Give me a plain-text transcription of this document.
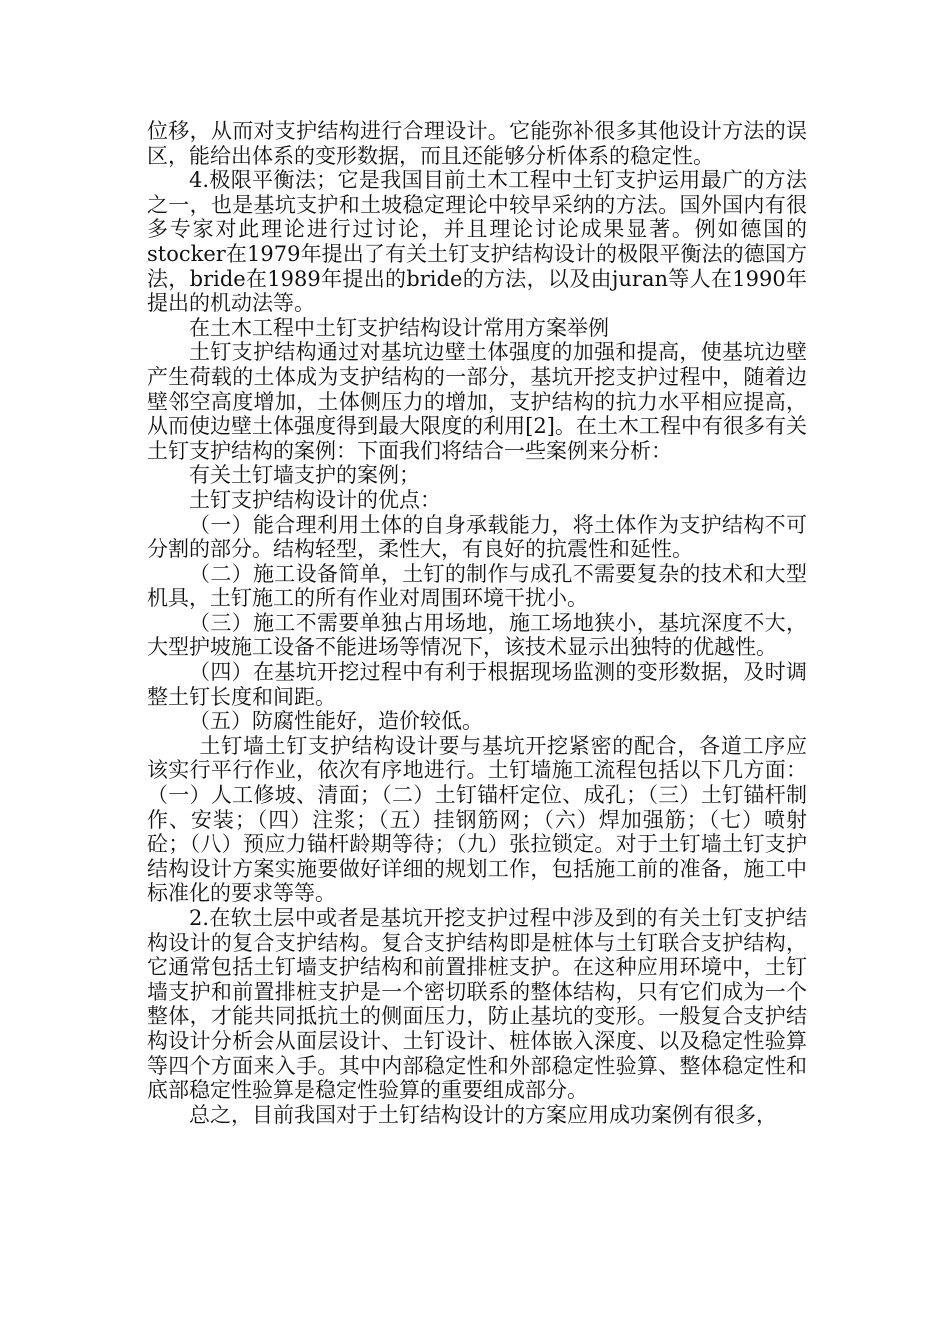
位移，从而对支护结构进行合理设计。它能弥补很多其他设计方法的误区，能给出体系的变形数据，而且还能够分析体系的稳定性。

4.极限平衡法；它是我国目前土木工程中土钉支护运用最广的方法之一，也是基坑支护和土坡稳定理论中较早采纳的方法。国外国内有很多专家对此理论进行过讨论，并且理论讨论成果显著。例如德国的stocker在1979年提出了有关土钉支护结构设计的极限平衡法的德国方法，bride在1989年提出的bride的方法，以及由juran等人在1990年提出的机动法等。

在土木工程中土钉支护结构设计常用方案举例

土钉支护结构通过对基坑边壁土体强度的加强和提高，使基坑边壁产生荷载的土体成为支护结构的一部分，基坑开挖支护过程中，随着边壁邻空高度增加，土体侧压力的增加，支护结构的抗力水平相应提高，从而使边壁土体强度得到最大限度的利用[2]。在土木工程中有很多有关土钉支护结构的案例：下面我们将结合一些案例来分析：

有关土钉墙支护的案例；

土钉支护结构设计的优点：

（一）能合理利用土体的自身承载能力，将土体作为支护结构不可分割的部分。结构轻型，柔性大，有良好的抗震性和延性。

（二）施工设备简单，土钉的制作与成孔不需要复杂的技术和大型机具，土钉施工的所有作业对周围环境干扰小。

（三）施工不需要单独占用场地，施工场地狭小，基坑深度不大，大型护坡施工设备不能进场等情况下，该技术显示出独特的优越性。

（四）在基坑开挖过程中有利于根据现场监测的变形数据，及时调整土钉长度和间距。

（五）防腐性能好，造价较低。

土钉墙土钉支护结构设计要与基坑开挖紧密的配合，各道工序应该实行平行作业，依次有序地进行。土钉墙施工流程包括以下几方面：（一）人工修坡、清面；（二）土钉锚杆定位、成孔；（三）土钉锚杆制作、安装；（四）注浆；（五）挂钢筋网；（六）焊加强筋；（七）喷射砼；（八）预应力锚杆龄期等待；（九）张拉锁定。对于土钉墙土钉支护结构设计方案实施要做好详细的规划工作，包括施工前的准备，施工中标准化的要求等等。

2.在软土层中或者是基坑开挖支护过程中涉及到的有关土钉支护结构设计的复合支护结构。复合支护结构即是桩体与土钉联合支护结构，它通常包括土钉墙支护结构和前置排桩支护。在这种应用环境中，土钉墙支护和前置排桩支护是一个密切联系的整体结构，只有它们成为一个整体，才能共同抵抗土的侧面压力，防止基坑的变形。一般复合支护结构设计分析会从面层设计、土钉设计、桩体嵌入深度、以及稳定性验算等四个方面来入手。其中内部稳定性和外部稳定性验算、整体稳定性和底部稳定性验算是稳定性验算的重要组成部分。

总之，目前我国对于土钉结构设计的方案应用成功案例有很多，
